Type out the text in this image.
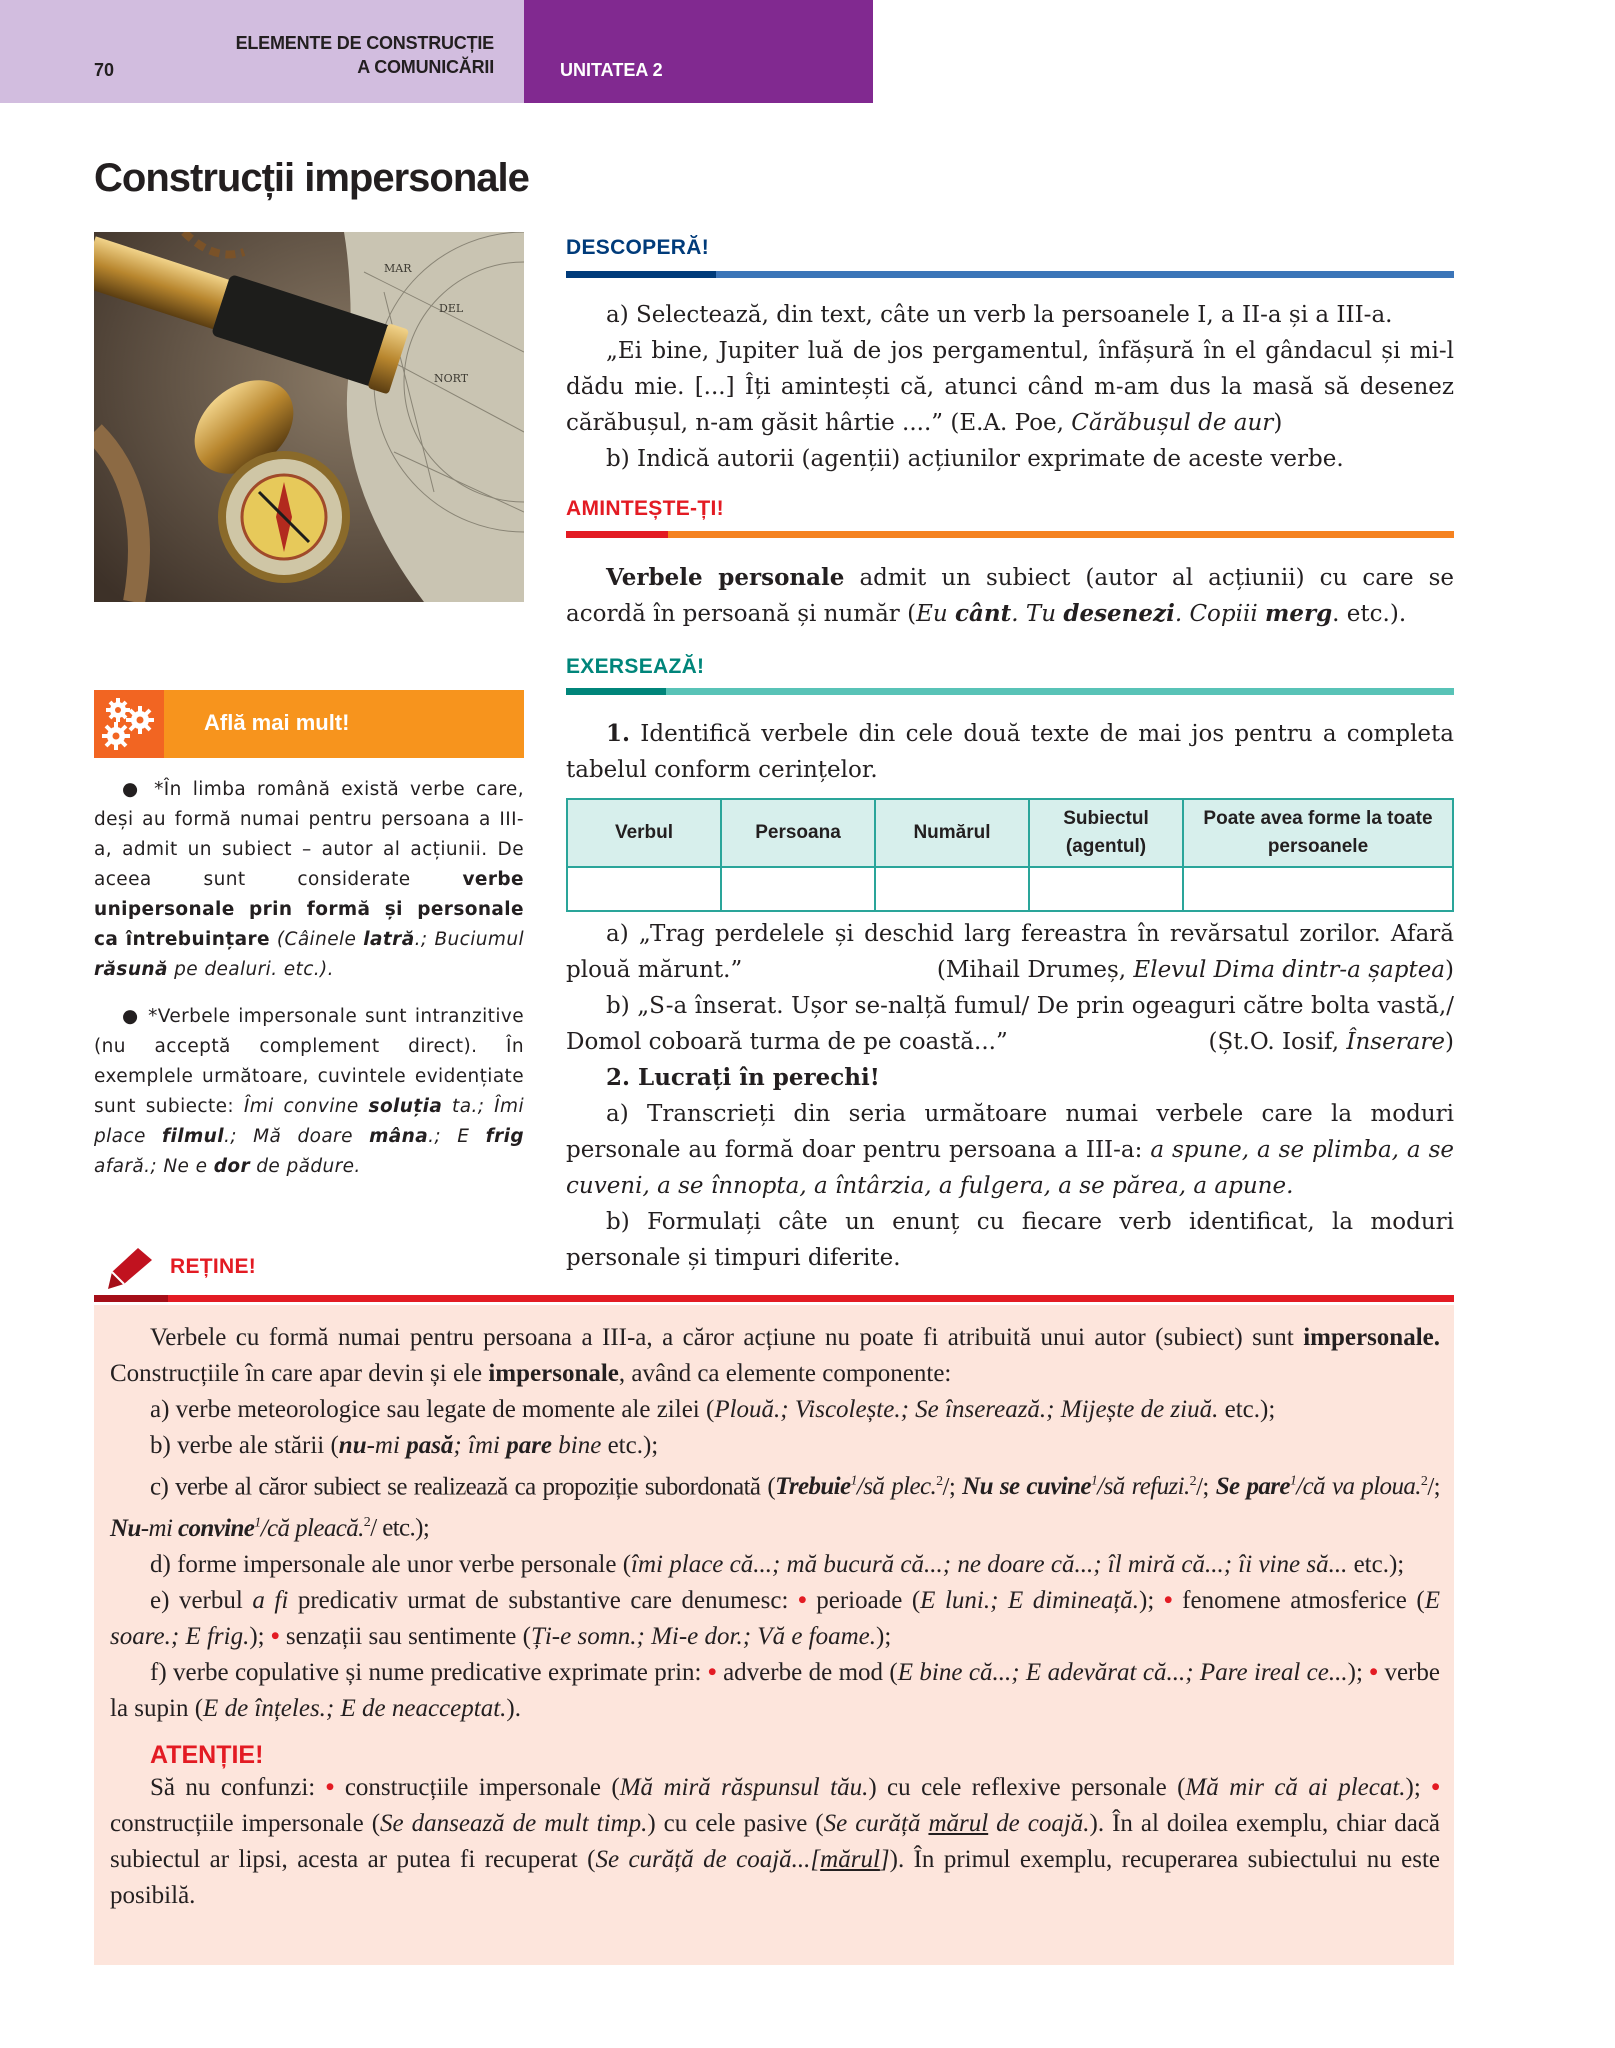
70
ELEMENTE DE CONSTRUCȚIE
A COMUNICĂRII	UNITATEA 2
Construcții impersonale
MAR
DEL
NORT
DESCOPERĂ!

a) Selectează, din text, câte un verb la persoanele I, a II-a și a III-a.

„Ei bine, Jupiter luă de jos pergamentul, înfășură în el gândacul și mi-l dădu mie. [...] Îți amintești că, atunci când m-am dus la masă să desenez cărăbușul, n-am găsit hârtie ....” (E.A. Poe, Cărăbușul de aur)

b) Indică autorii (agenții) acțiunilor exprimate de aceste verbe.

AMINTEȘTE-ȚI!

Verbele personale admit un subiect (autor al acțiunii) cu care se acordă în persoană și număr (Eu cânt. Tu desenezi. Copiii merg. etc.).

EXERSEAZĂ!

1. Identifică verbele din cele două texte de mai jos pentru a completa tabelul conform cerințelor.

Verbul	Persoana	Numărul	Subiectul (agentul)	Poate avea forme la toate persoanele

a) „Trag perdelele și deschid larg fereastra în revărsatul zorilor. Afară plouă mărunt.”	(Mihail Drumeș, Elevul Dima dintr-a șaptea)

b) „S-a înserat. Ușor se-nalță fumul/ De prin ogeaguri către bolta vastă,/ Domol coboară turma de pe coastă...”	(Șt.O. Iosif, Înserare)

2. Lucrați în perechi!

a) Transcrieți din seria următoare numai verbele care la moduri personale au formă doar pentru persoana a III-a: a spune, a se plimba, a se cuveni, a se înnopta, a întârzia, a fulgera, a se părea, a apune.

b) Formulați câte un enunț cu fiecare verb identificat, la moduri personale și timpuri diferite.

Află mai mult!

● *În limba română există verbe care, deși au formă numai pentru persoana a III-a, admit un subiect – autor al acțiunii. De aceea sunt considerate verbe unipersonale prin formă și personale ca întrebuințare (Câinele latră.; Buciumul răsună pe dealuri. etc.).

● *Verbele impersonale sunt intranzitive (nu acceptă complement direct). În exemplele următoare, cuvintele evidențiate sunt subiecte: Îmi convine soluția ta.; Îmi place filmul.; Mă doare mâna.; E frig afară.; Ne e dor de pădure.

REȚINE!

Verbele cu formă numai pentru persoana a III-a, a căror acțiune nu poate fi atribuită unui autor (subiect) sunt impersonale. Construcțiile în care apar devin și ele impersonale, având ca elemente componente:

a) verbe meteorologice sau legate de momente ale zilei (Plouă.; Viscolește.; Se înserează.; Mijește de ziuă. etc.);

b) verbe ale stării (nu-mi pasă; îmi pare bine etc.);

c) verbe al căror subiect se realizează ca propoziție subordonată (Trebuie$^1$/să plec.$^2$/; Nu se cuvine$^1$/să refuzi.$^2$/; Se pare$^1$/că va ploua.$^2$/; Nu-mi convine$^1$/că pleacă.$^2$/ etc.);

d) forme impersonale ale unor verbe personale (îmi place că...; mă bucură că...; ne doare că...; îl miră că...; îi vine să... etc.);

e) verbul a fi predicativ urmat de substantive care denumesc: • perioade (E luni.; E dimineață.); • fenomene atmosferice (E soare.; E frig.); • senzații sau sentimente (Ți-e somn.; Mi-e dor.; Vă e foame.);

f) verbe copulative și nume predicative exprimate prin: • adverbe de mod (E bine că...; E adevărat că...; Pare ireal ce...); • verbe la supin (E de înțeles.; E de neacceptat.).

ATENȚIE!

Să nu confunzi: • construcțiile impersonale (Mă miră răspunsul tău.) cu cele reflexive personale (Mă mir că ai plecat.); • construcțiile impersonale (Se dansează de mult timp.) cu cele pasive (Se curăță mărul de coajă.). În al doilea exemplu, chiar dacă subiectul ar lipsi, acesta ar putea fi recuperat (Se curăță de coajă...[mărul]). În primul exemplu, recuperarea subiectului nu este posibilă.
